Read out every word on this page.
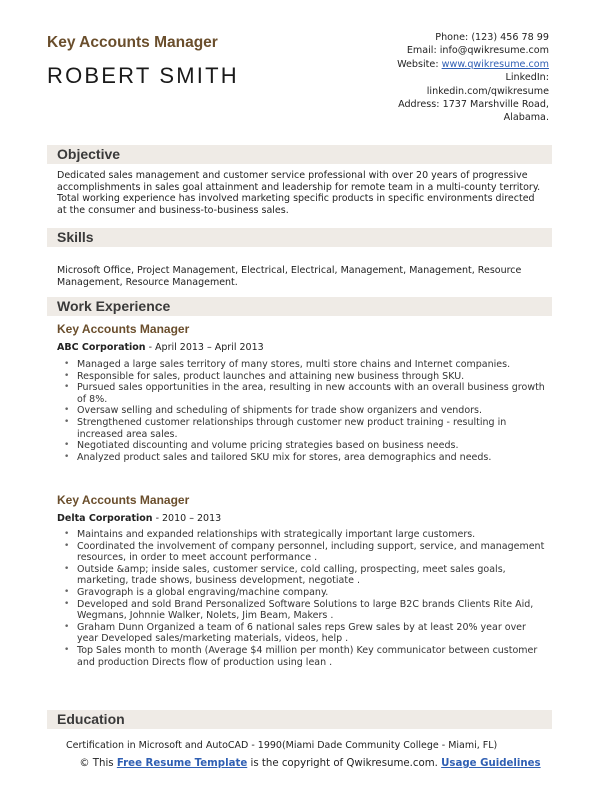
Key Accounts Manager
ROBERT SMITH
Phone: (123) 456 78 99
Email: info@qwikresume.com
Website: www.qwikresume.com
LinkedIn:
linkedin.com/qwikresume
Address: 1737 Marshville Road,
Alabama.
Objective
Dedicated sales management and customer service professional with over 20 years of progressive accomplishments in sales goal attainment and leadership for remote team in a multi-county territory. Total working experience has involved marketing specific products in specific environments directed at the consumer and business-to-business sales.
Skills
Microsoft Office, Project Management, Electrical, Electrical, Management, Management, Resource Management, Resource Management.
Work Experience
Key Accounts Manager
ABC Corporation - April 2013 – April 2013
• Managed a large sales territory of many stores, multi store chains and Internet companies.
• Responsible for sales, product launches and attaining new business through SKU.
• Pursued sales opportunities in the area, resulting in new accounts with an overall business growth of 8%.
• Oversaw selling and scheduling of shipments for trade show organizers and vendors.
• Strengthened customer relationships through customer new product training - resulting in increased area sales.
• Negotiated discounting and volume pricing strategies based on business needs.
• Analyzed product sales and tailored SKU mix for stores, area demographics and needs.
Key Accounts Manager
Delta Corporation - 2010 – 2013
• Maintains and expanded relationships with strategically important large customers.
• Coordinated the involvement of company personnel, including support, service, and management resources, in order to meet account performance .
• Outside &amp; inside sales, customer service, cold calling, prospecting, meet sales goals, marketing, trade shows, business development, negotiate .
• Gravograph is a global engraving/machine company.
• Developed and sold Brand Personalized Software Solutions to large B2C brands Clients Rite Aid, Wegmans, Johnnie Walker, Nolets, Jim Beam, Makers .
• Graham Dunn Organized a team of 6 national sales reps Grew sales by at least 20% year over year Developed sales/marketing materials, videos, help .
• Top Sales month to month (Average $4 million per month) Key communicator between customer and production Directs flow of production using lean .
Education
Certification in Microsoft and AutoCAD - 1990(Miami Dade Community College - Miami, FL)
© This Free Resume Template is the copyright of Qwikresume.com. Usage Guidelines
